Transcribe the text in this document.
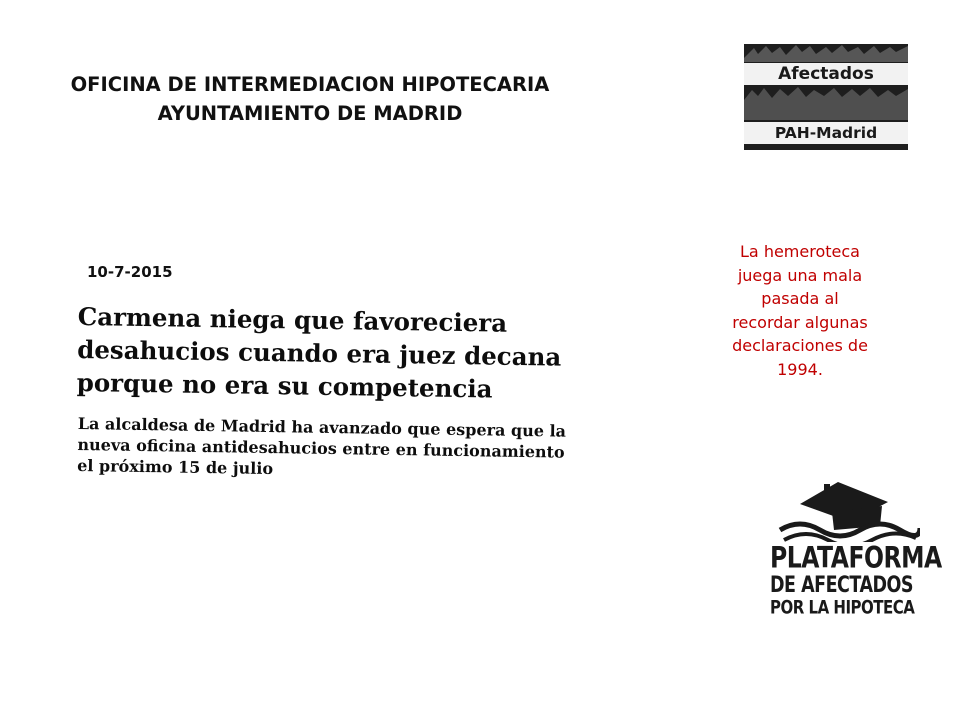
OFICINA DE INTERMEDIACION HIPOTECARIA
AYUNTAMIENTO DE MADRID
10-7-2015
Carmena niega que favoreciera
desahucios cuando era juez decana
porque no era su competencia
La alcaldesa de Madrid ha avanzado que espera que la
nueva oficina antidesahucios entre en funcionamiento
el próximo 15 de julio
La hemeroteca
juega una mala
pasada al
recordar algunas
declaraciones de
1994.
Afectados
PAH-Madrid
PLATAFORMA
DE AFECTADOS
POR LA HIPOTECA
